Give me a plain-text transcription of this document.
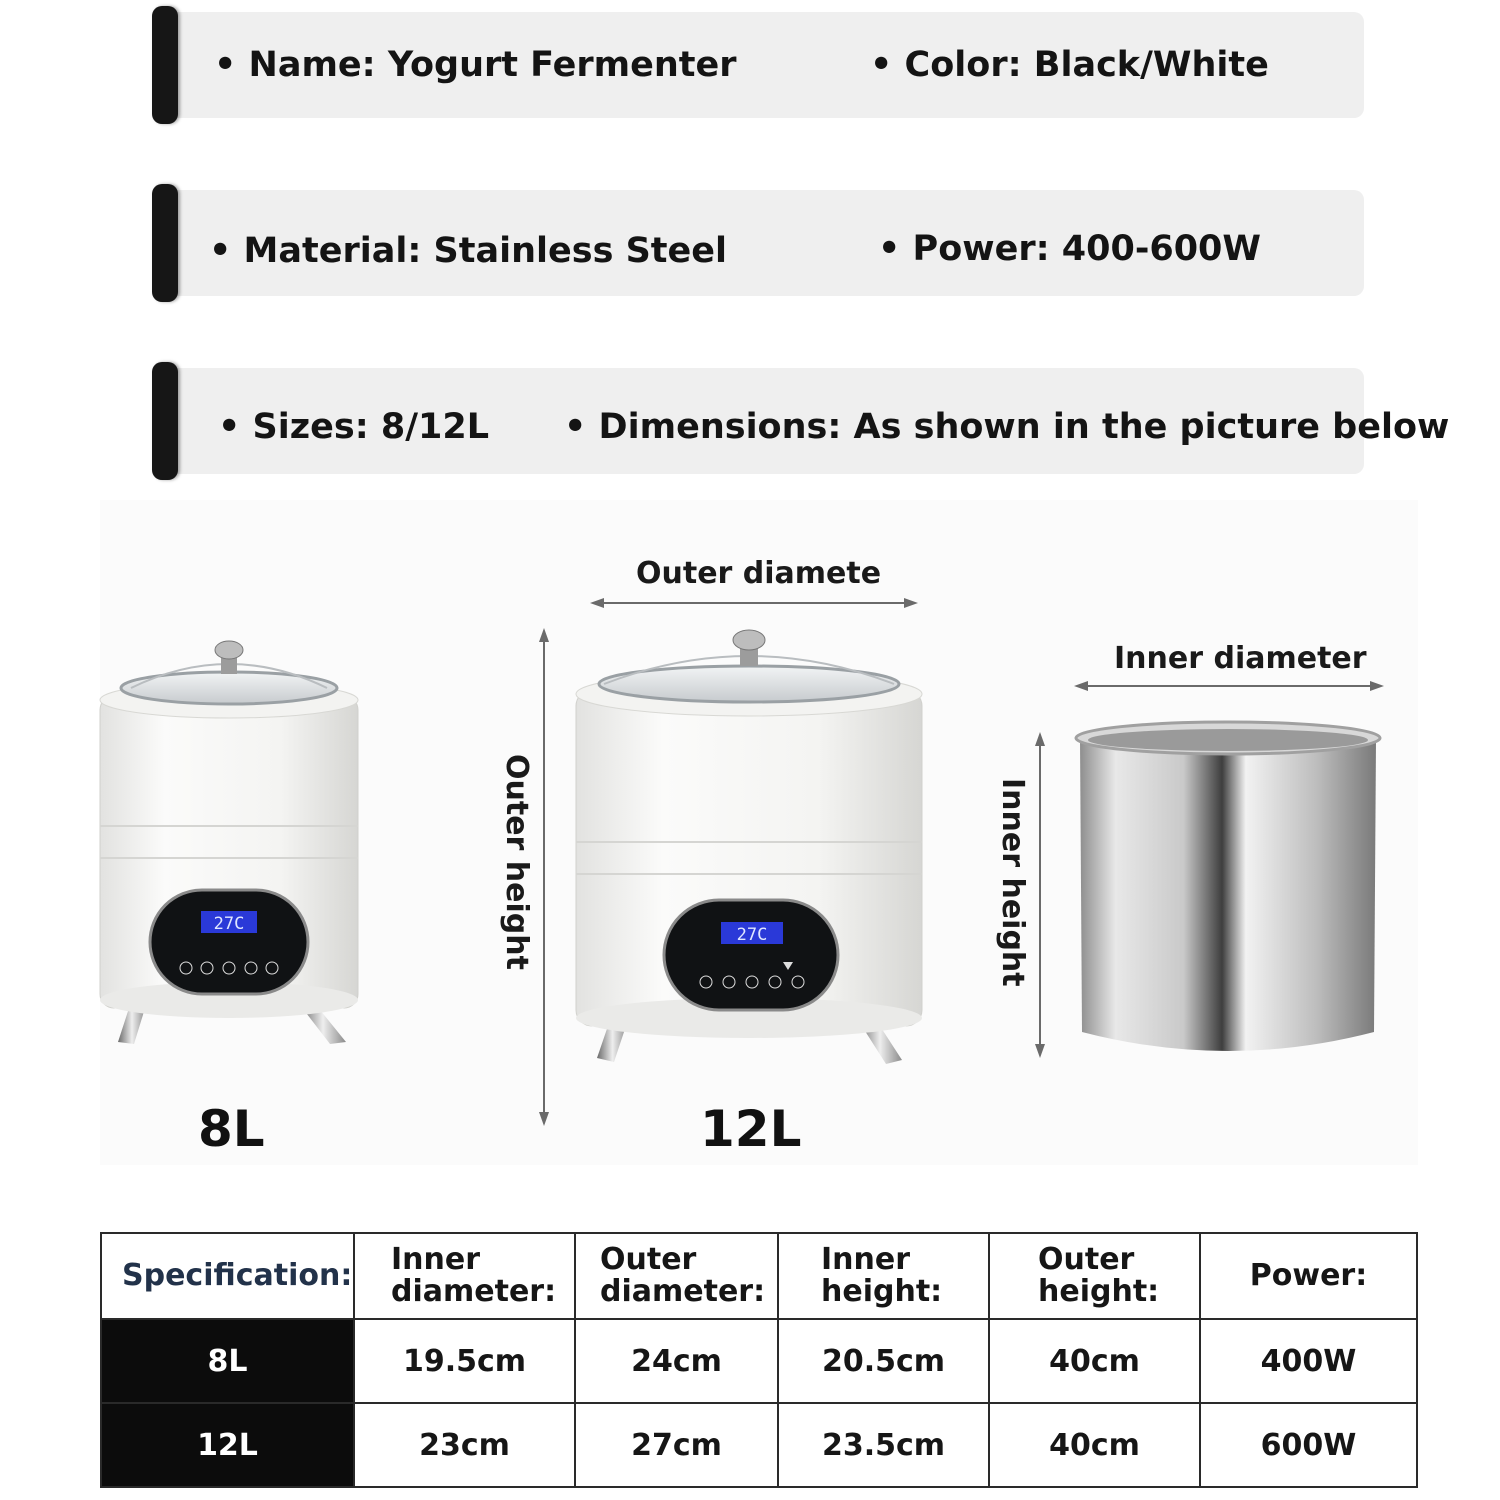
• Name: Yogurt Fermenter	• Color: Black/White
• Material: Stainless Steel	• Power: 400-600W
• Sizes: 8/12L • Dimensions: As shown in the picture below
27C
27C
Outer diamete
Inner diameter
Outer height	Inner height
8L	12L
Specification:	Inner diameter:	Outer diameter:	Inner height:	Outer height:	Power:
8L	19.5cm	24cm	20.5cm	40cm	400W
12L	23cm	27cm	23.5cm	40cm	600W
